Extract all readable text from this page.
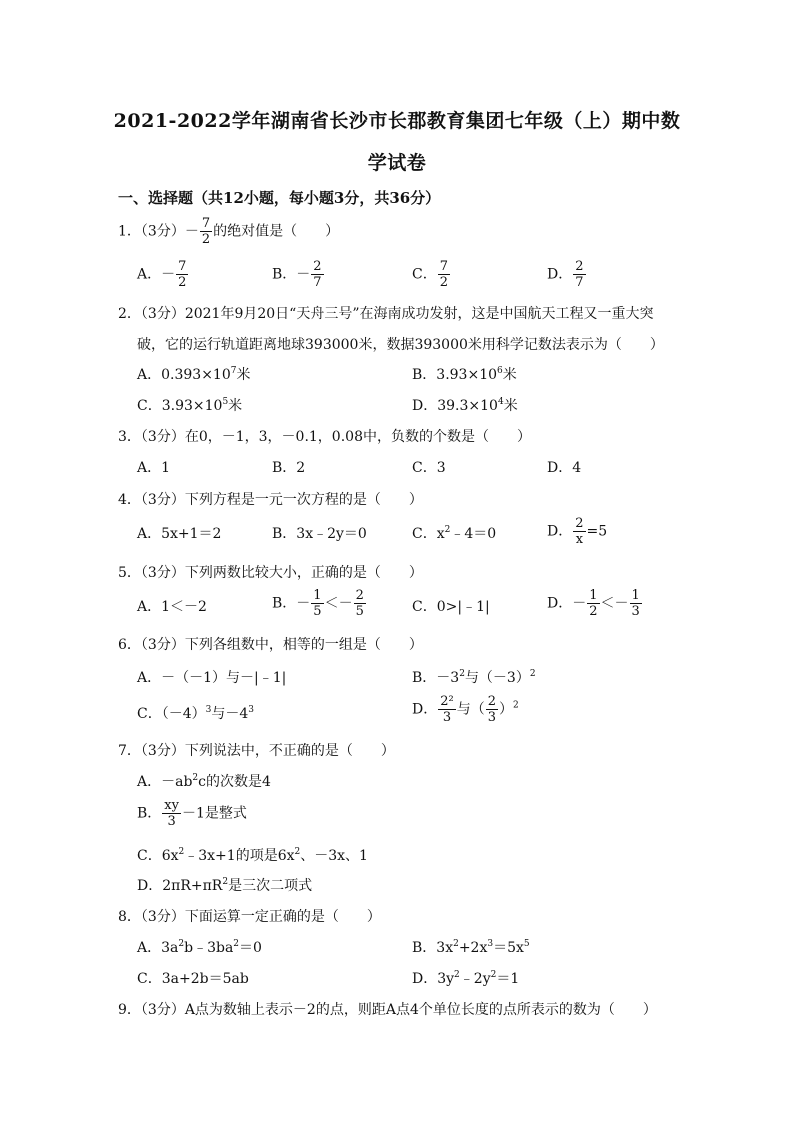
2021-2022学年湖南省长沙市长郡教育集团七年级（上）期中数
学试卷
一、选择题（共12小题，每小题3分，共36分）
1．（3分）－ $\frac{7}{2}$ 的绝对值是（　　）
A．－ $\frac{7}{2}$	B．－ $\frac{2}{7}$	C． $\frac{7}{2}$	D． $\frac{2}{7}$
2．（3分）2021年9月20日“天舟三号”在海南成功发射，这是中国航天工程又一重大突
破，它的运行轨道距离地球393000米，数据393000米用科学记数法表示为（　　）
A．$0.393\times 10^7$米	B．$3.93\times 10^6$米
C．$3.93\times 10^5$米	D．$39.3\times 10^4$米
3．（3分）在0，－1，3，－0.1，0.08中，负数的个数是（　　）
A．1	B．2	C．3	D．4
4．（3分）下列方程是一元一次方程的是（　　）
A．5x+1＝2	B．3x﹣2y＝0	C．$x^2﹣4=0$	D． $\frac{2}{x} =5$
5．（3分）下列两数比较大小，正确的是（　　）
A．1＜－2	B．－ $\frac{1}{5} <- \frac{2}{5}$	C．0>|﹣1|	D．－ $\frac{1}{2} <- \frac{1}{3}$
6．（3分）下列各组数中，相等的一组是（　　）
A．－（－1）与－|﹣1|	B．$-3^2$与$(-3)^2$
C．$(-4)^3$与$-4^3$	D． $\frac{\text{2²}}{3}$ 与（ $\frac{2}{3} )^2$
7．（3分）下列说法中，不正确的是（　　）
A．$-ab^2c$的次数是4
B． $\frac{xy}{3} -1$是整式
C．$6x^2﹣3x+1$的项是$6x^2$、－3x、1
D．$2\pi R+\pi R^2$是三次二项式
8．（3分）下面运算一定正确的是（　　）
A．$3a^2b﹣3ba^2=0$	B．$3x^2+2x^3=5x^5$
C．3a+2b＝5ab	D．$3y^2﹣2y^2=1$
9．（3分）A点为数轴上表示－2的点，则距A点4个单位长度的点所表示的数为（　　）
